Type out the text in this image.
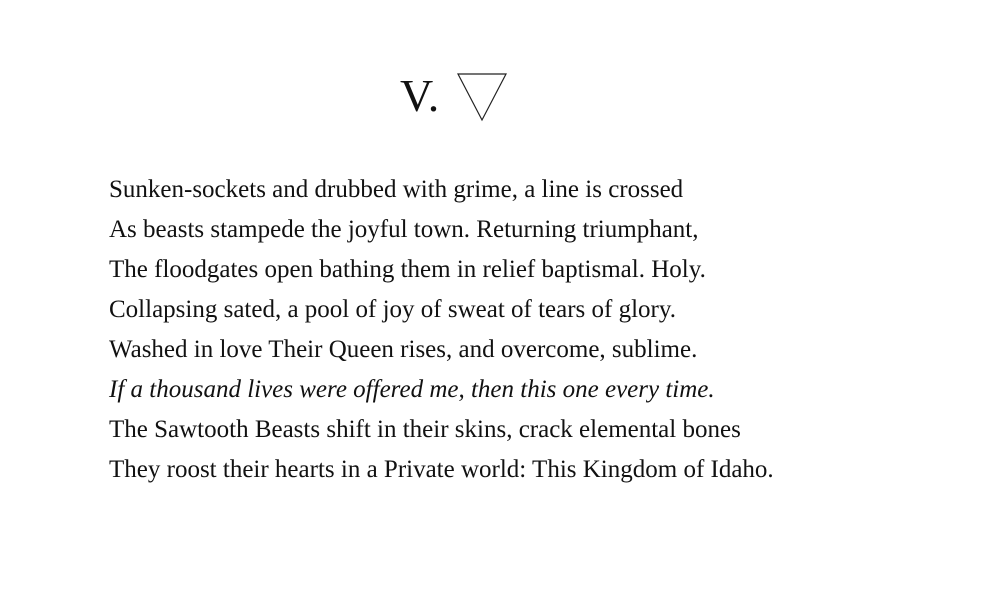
V.
Sunken-sockets and drubbed with grime, a line is crossed
As beasts stampede the joyful town. Returning triumphant,
The floodgates open bathing them in relief baptismal. Holy.
Collapsing sated, a pool of joy of sweat of tears of glory.
Washed in love Their Queen rises, and overcome, sublime.
If a thousand lives were offered me, then this one every time.
The Sawtooth Beasts shift in their skins, crack elemental bones
They roost their hearts in a Private world: This Kingdom of Idaho.
